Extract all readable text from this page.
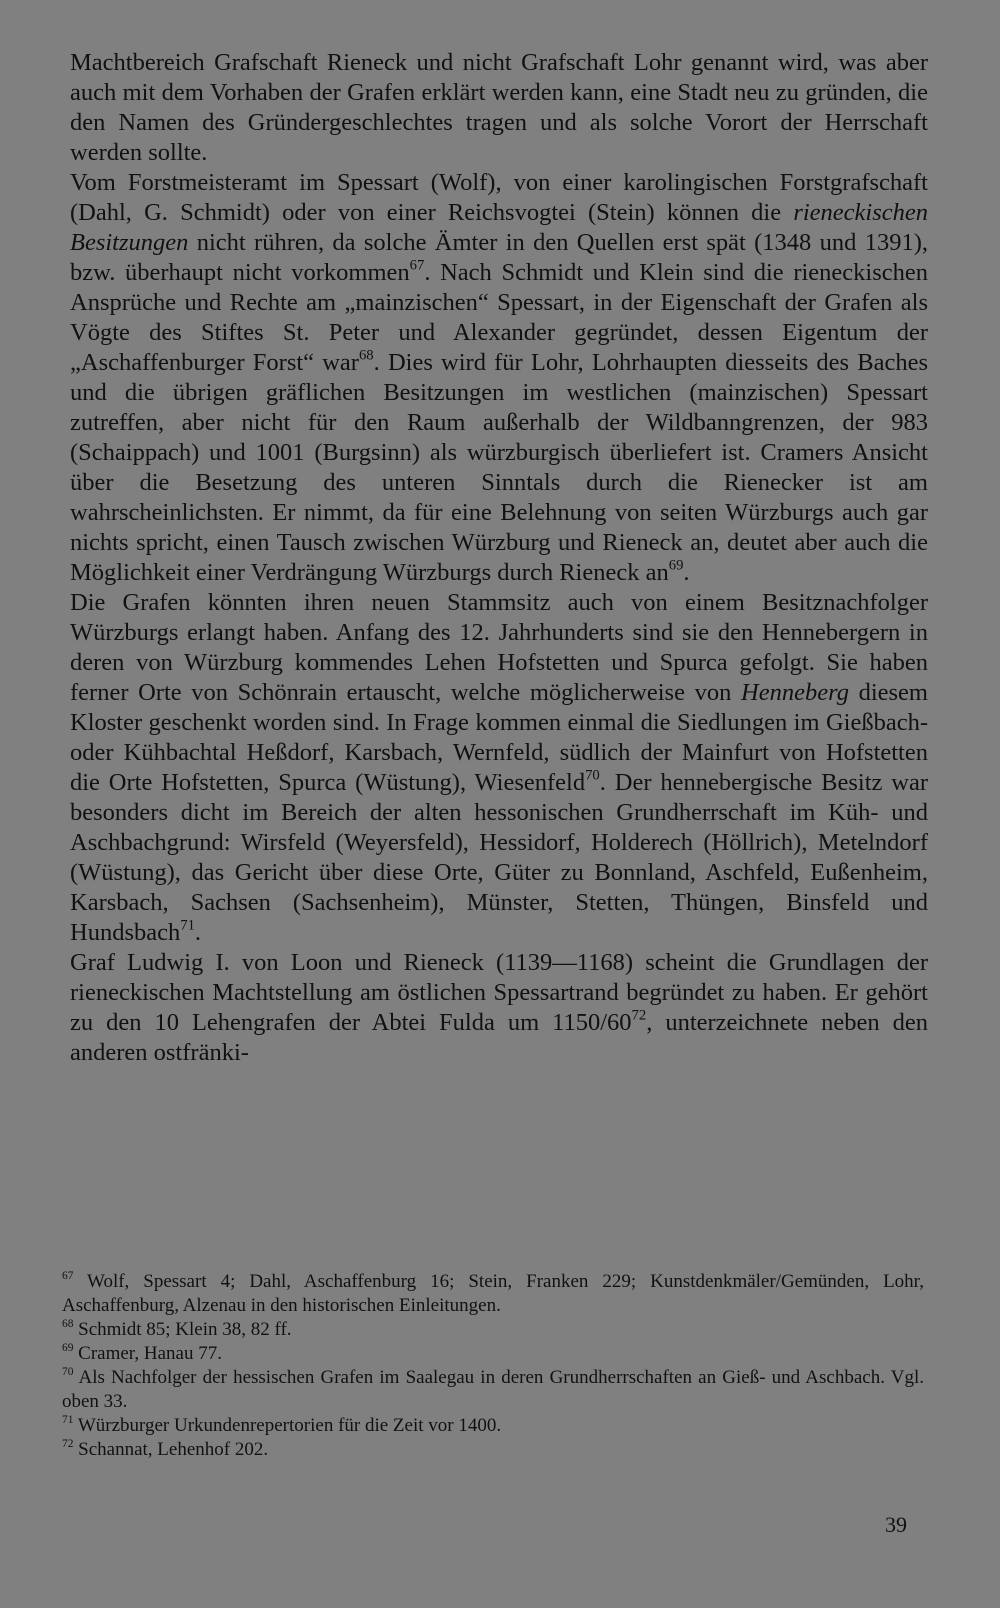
Machtbereich Grafschaft Rieneck und nicht Grafschaft Lohr genannt wird, was aber auch mit dem Vorhaben der Grafen erklärt werden kann, eine Stadt neu zu gründen, die den Namen des Gründergeschlechtes tragen und als solche Vorort der Herrschaft werden sollte.

Vom Forstmeisteramt im Spessart (Wolf), von einer karolingischen Forstgrafschaft (Dahl, G. Schmidt) oder von einer Reichsvogtei (Stein) können die rieneckischen Besitzungen nicht rühren, da solche Ämter in den Quellen erst spät (1348 und 1391), bzw. überhaupt nicht vorkommen$^{67}$. Nach Schmidt und Klein sind die rieneckischen Ansprüche und Rechte am „mainzischen“ Spessart, in der Eigenschaft der Grafen als Vögte des Stiftes St. Peter und Alexander gegründet, dessen Eigentum der „Aschaffenburger Forst“ war$^{68}$. Dies wird für Lohr, Lohrhaupten diesseits des Baches und die übrigen gräflichen Besitzungen im westlichen (mainzischen) Spessart zutreffen, aber nicht für den Raum außerhalb der Wildbanngrenzen, der 983 (Schaippach) und 1001 (Burgsinn) als würzburgisch überliefert ist. Cramers Ansicht über die Besetzung des unteren Sinntals durch die Rienecker ist am wahrscheinlichsten. Er nimmt, da für eine Belehnung von seiten Würzburgs auch gar nichts spricht, einen Tausch zwischen Würzburg und Rieneck an, deutet aber auch die Möglichkeit einer Verdrängung Würzburgs durch Rieneck $an^{69}$.

Die Grafen könnten ihren neuen Stammsitz auch von einem Besitznachfolger Würzburgs erlangt haben. Anfang des 12. Jahrhunderts sind sie den Hennebergern in deren von Würzburg kommendes Lehen Hofstetten und Spurca gefolgt. Sie haben ferner Orte von Schönrain ertauscht, welche möglicherweise von Henneberg diesem Kloster geschenkt worden sind. In Frage kommen einmal die Siedlungen im Gießbach- oder Kühbachtal Heßdorf, Karsbach, Wernfeld, südlich der Mainfurt von Hofstetten die Orte Hofstetten, Spurca (Wüstung), Wiesenfeld$^{70}$. Der hennebergische Besitz war besonders dicht im Bereich der alten hessonischen Grundherrschaft im Küh- und Aschbachgrund: Wirsfeld (Weyersfeld), Hessidorf, Holderech (Höllrich), Metelndorf (Wüstung), das Gericht über diese Orte, Güter zu Bonnland, Aschfeld, Eußenheim, Karsbach, Sachsen (Sachsenheim), Münster, Stetten, Thüngen, Binsfeld und Hundsbach$^{71}$.

Graf Ludwig I. von Loon und Rieneck (1139—1168) scheint die Grundlagen der rieneckischen Machtstellung am östlichen Spessartrand begründet zu haben. Er gehört zu den 10 Lehengrafen der Abtei Fulda um $1150/60^{72}$, unterzeichnete neben den anderen ostfränki-

$^{67}$ Wolf, Spessart 4; Dahl, Aschaffenburg 16; Stein, Franken 229; Kunstdenkmäler/Gemünden, Lohr, Aschaffenburg, Alzenau in den historischen Einleitungen.
$^{68}$ Schmidt 85; Klein 38, 82 ff.
$^{69}$ Cramer, Hanau 77.
$^{70}$ Als Nachfolger der hessischen Grafen im Saalegau in deren Grundherrschaften an Gieß- und Aschbach. Vgl. oben 33.
$^{71}$ Würzburger Urkundenrepertorien für die Zeit vor 1400.
$^{72}$ Schannat, Lehenhof 202.
39
